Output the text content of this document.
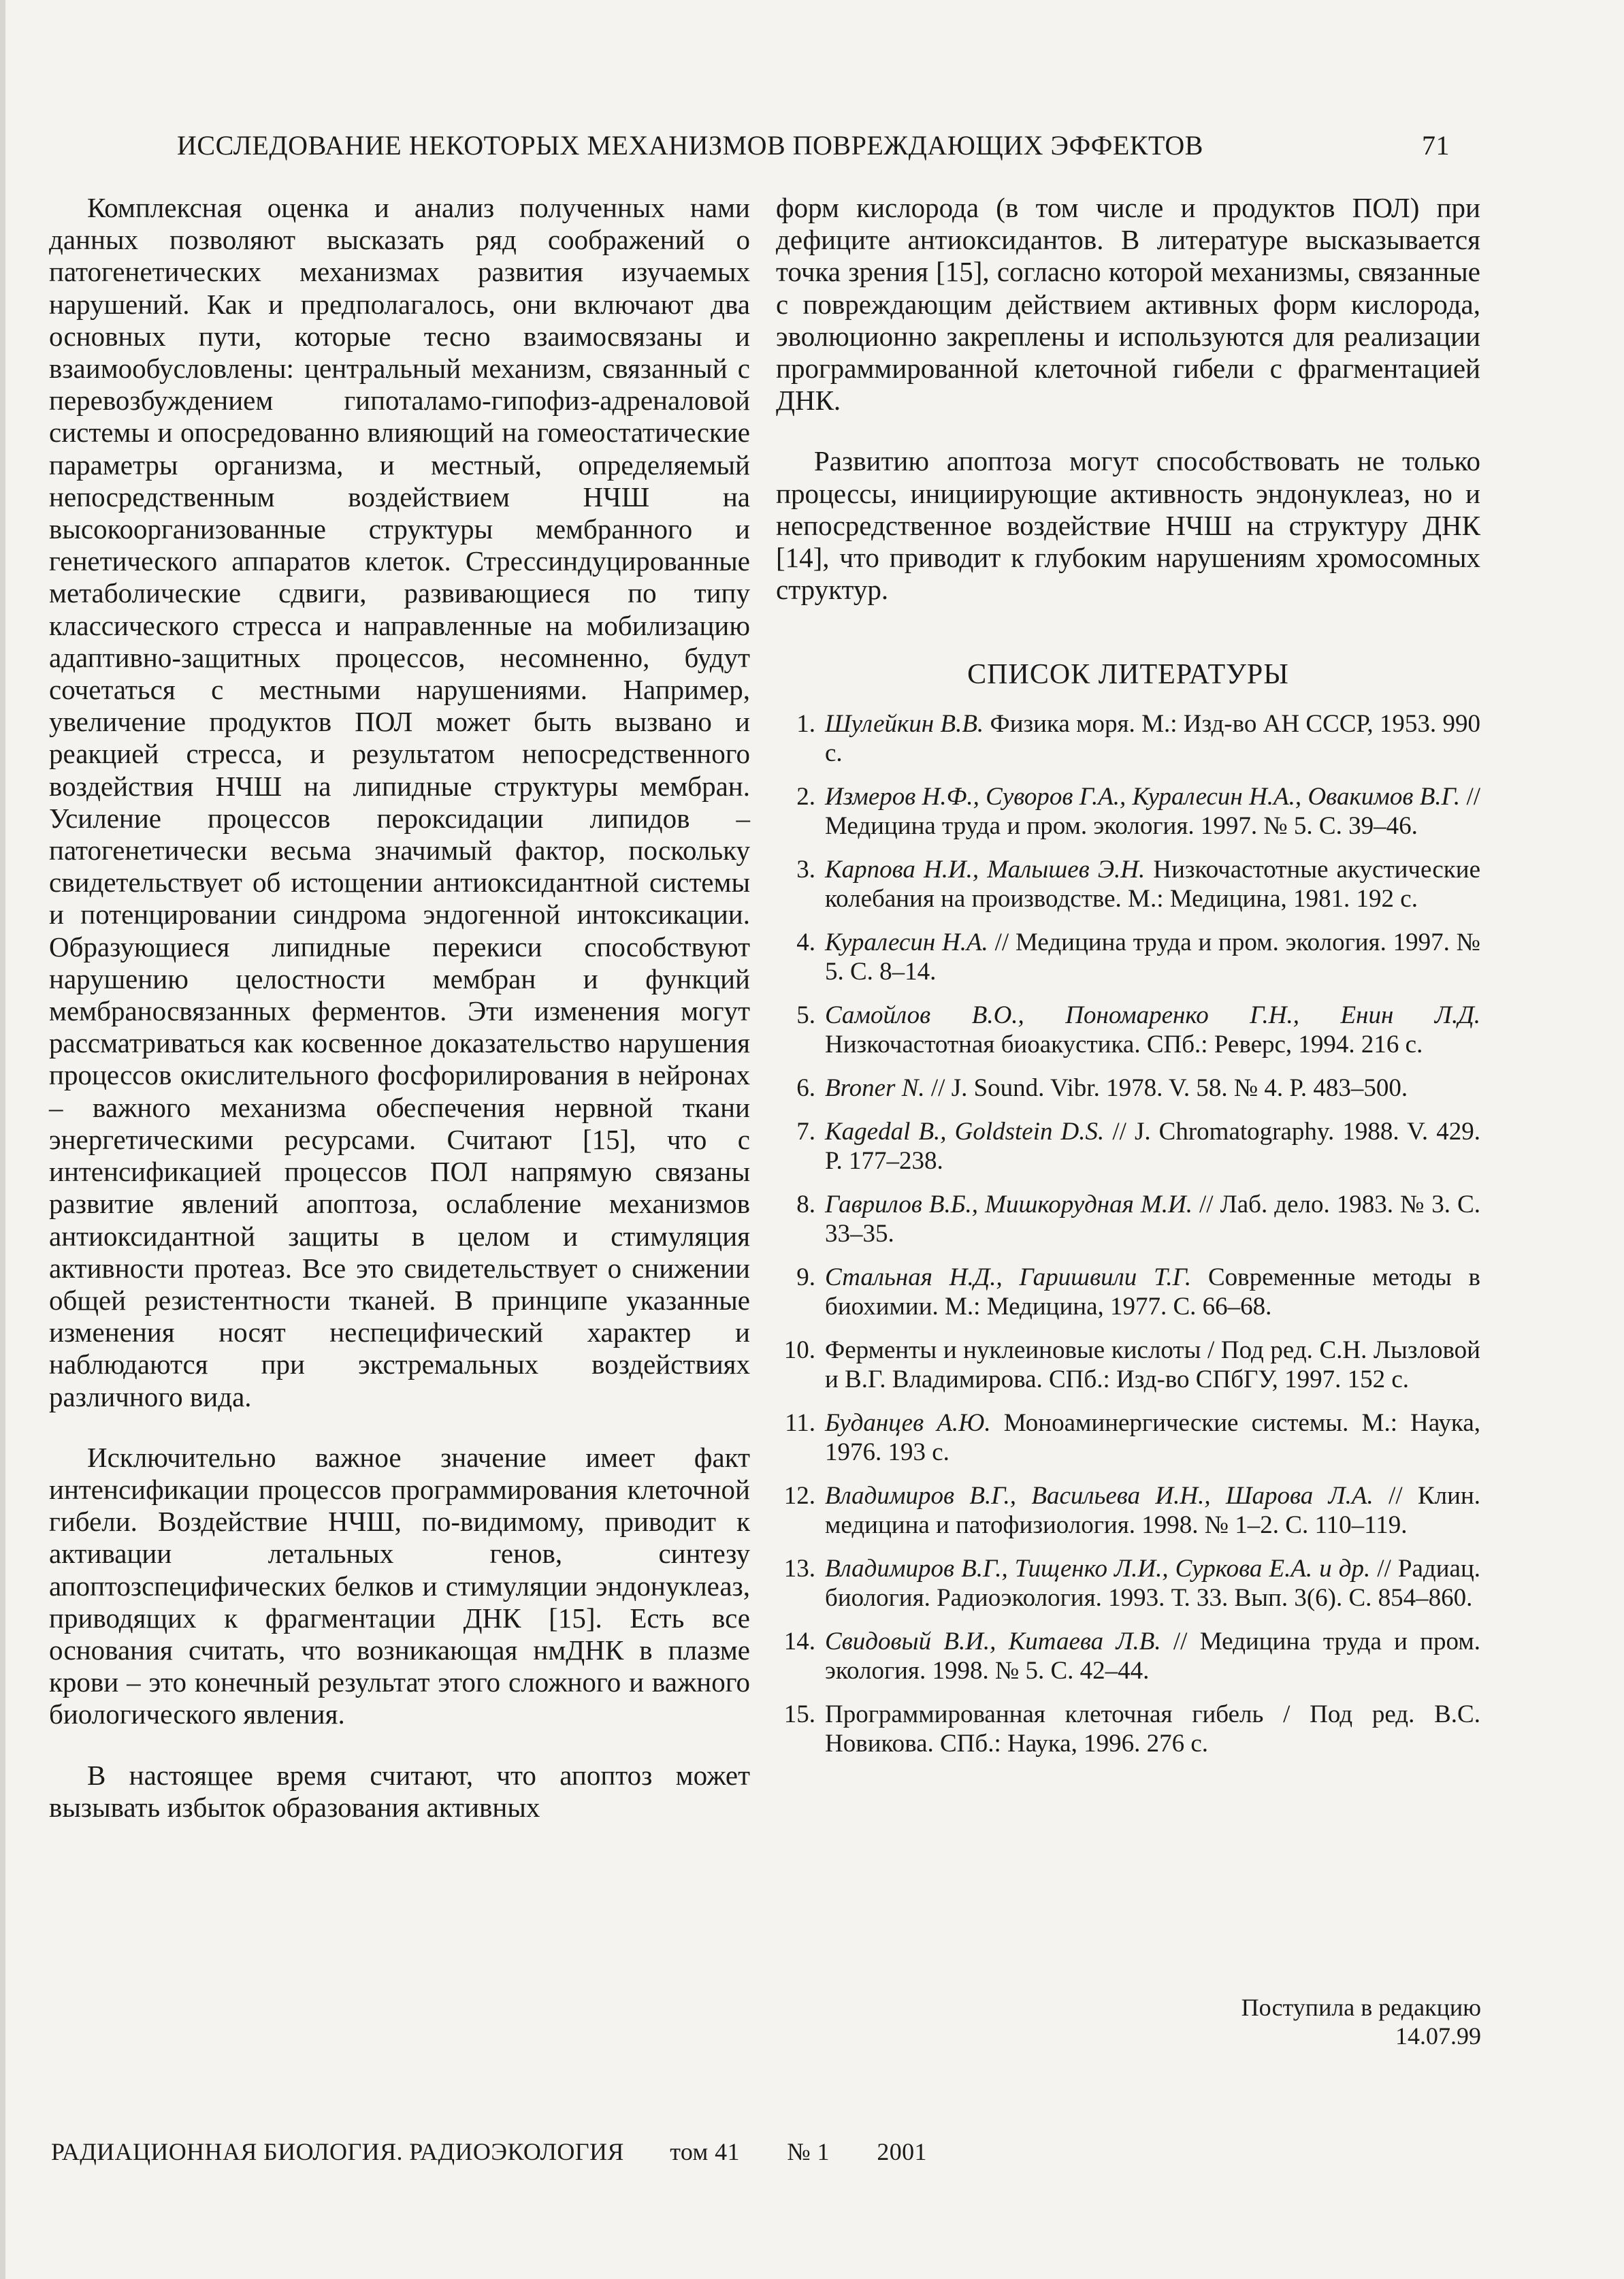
ИССЛЕДОВАНИЕ НЕКОТОРЫХ МЕХАНИЗМОВ ПОВРЕЖДАЮЩИХ ЭФФЕКТОВ	71

Комплексная оценка и анализ полученных нами данных позволяют высказать ряд соображений о патогенетических механизмах развития изучаемых нарушений. Как и предполагалось, они включают два основных пути, которые тесно взаимосвязаны и взаимообусловлены: центральный механизм, связанный с перевозбуждением гипоталамо-гипофиз-адреналовой системы и опосредованно влияющий на гомеостатические параметры организма, и местный, определяемый непосредственным воздействием НЧШ на высокоорганизованные структуры мембранного и генетического аппаратов клеток. Стрессиндуцированные метаболические сдвиги, развивающиеся по типу классического стресса и направленные на мобилизацию адаптивно-защитных процессов, несомненно, будут сочетаться с местными нарушениями. Например, увеличение продуктов ПОЛ может быть вызвано и реакцией стресса, и результатом непосредственного воздействия НЧШ на липидные структуры мембран. Усиление процессов пероксидации липидов – патогенетически весьма значимый фактор, поскольку свидетельствует об истощении антиоксидантной системы и потенцировании синдрома эндогенной интоксикации. Образующиеся липидные перекиси способствуют нарушению целостности мембран и функций мембраносвязанных ферментов. Эти изменения могут рассматриваться как косвенное доказательство нарушения процессов окислительного фосфорилирования в нейронах – важного механизма обеспечения нервной ткани энергетическими ресурсами. Считают [15], что с интенсификацией процессов ПОЛ напрямую связаны развитие явлений апоптоза, ослабление механизмов антиоксидантной защиты в целом и стимуляция активности протеаз. Все это свидетельствует о снижении общей резистентности тканей. В принципе указанные изменения носят неспецифический характер и наблюдаются при экстремальных воздействиях различного вида.

Исключительно важное значение имеет факт интенсификации процессов программирования клеточной гибели. Воздействие НЧШ, по-видимому, приводит к активации летальных генов, синтезу апоптозспецифических белков и стимуляции эндонуклеаз, приводящих к фрагментации ДНК [15]. Есть все основания считать, что возникающая нмДНК в плазме крови – это конечный результат этого сложного и важного биологического явления.

В настоящее время считают, что апоптоз может вызывать избыток образования активных

форм кислорода (в том числе и продуктов ПОЛ) при дефиците антиоксидантов. В литературе высказывается точка зрения [15], согласно которой механизмы, связанные с повреждающим действием активных форм кислорода, эволюционно закреплены и используются для реализации программированной клеточной гибели с фрагментацией ДНК.

Развитию апоптоза могут способствовать не только процессы, инициирующие активность эндонуклеаз, но и непосредственное воздействие НЧШ на структуру ДНК [14], что приводит к глубоким нарушениям хромосомных структур.

СПИСОК ЛИТЕРАТУРЫ
1. Шулейкин В.В. Физика моря. М.: Изд-во АН СССР, 1953. 990 с.
2. Измеров Н.Ф., Суворов Г.А., Куралесин Н.А., Овакимов В.Г. // Медицина труда и пром. экология. 1997. № 5. С. 39–46.
3. Карпова Н.И., Малышев Э.Н. Низкочастотные акустические колебания на производстве. М.: Медицина, 1981. 192 с.
4. Куралесин Н.А. // Медицина труда и пром. экология. 1997. № 5. С. 8–14.
5. Самойлов В.О., Пономаренко Г.Н., Енин Л.Д. Низкочастотная биоакустика. СПб.: Реверс, 1994. 216 с.
6. Broner N. // J. Sound. Vibr. 1978. V. 58. № 4. P. 483–500.
7. Kagedal B., Goldstein D.S. // J. Chromatography. 1988. V. 429. P. 177–238.
8. Гаврилов В.Б., Мишкорудная М.И. // Лаб. дело. 1983. № 3. С. 33–35.
9. Стальная Н.Д., Гаришвили Т.Г. Современные методы в биохимии. М.: Медицина, 1977. С. 66–68.
10. Ферменты и нуклеиновые кислоты / Под ред. С.Н. Лызловой и В.Г. Владимирова. СПб.: Изд-во СПбГУ, 1997. 152 с.
11. Буданцев А.Ю. Моноаминергические системы. М.: Наука, 1976. 193 с.
12. Владимиров В.Г., Васильева И.Н., Шарова Л.А. // Клин. медицина и патофизиология. 1998. № 1–2. С. 110–119.
13. Владимиров В.Г., Тищенко Л.И., Суркова Е.А. и др. // Радиац. биология. Радиоэкология. 1993. Т. 33. Вып. 3(6). С. 854–860.
14. Свидовый В.И., Китаева Л.В. // Медицина труда и пром. экология. 1998. № 5. С. 42–44.
15. Программированная клеточная гибель / Под ред. В.С. Новикова. СПб.: Наука, 1996. 276 с.
Поступила в редакцию
14.07.99
РАДИАЦИОННАЯ БИОЛОГИЯ. РАДИОЭКОЛОГИЯ том 41 № 1 2001
